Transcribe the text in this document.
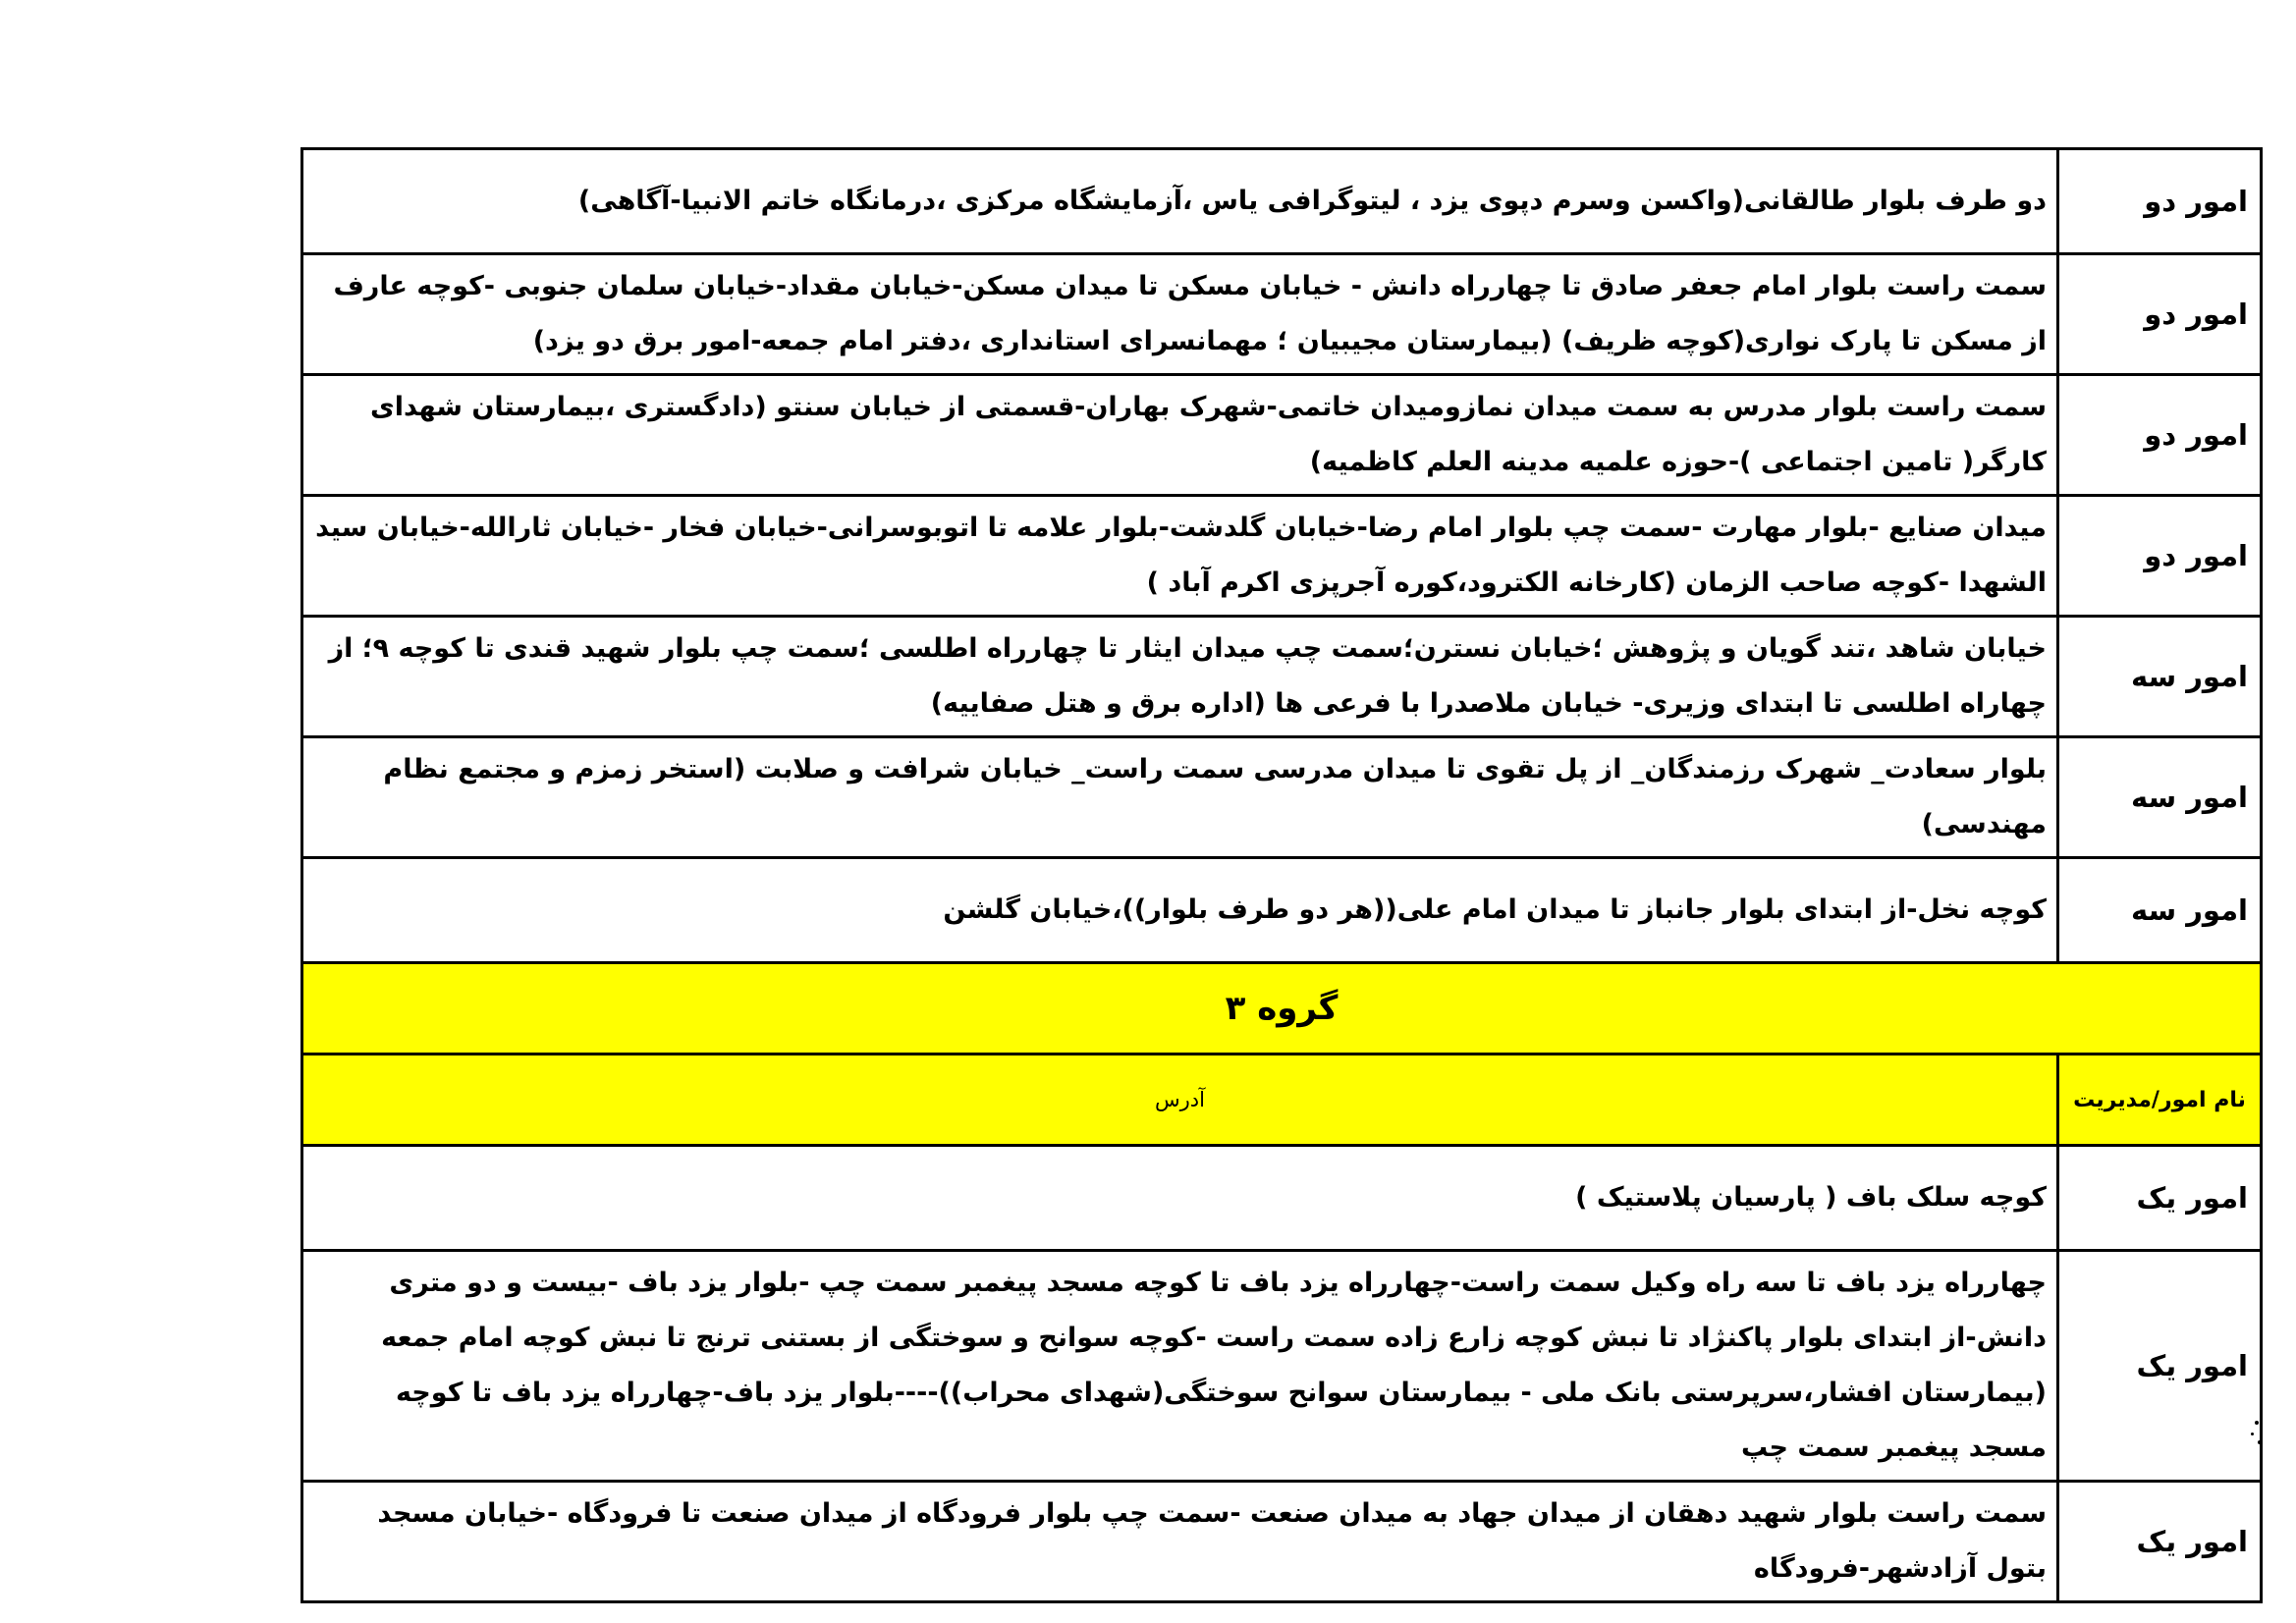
امور دو	دو طرف بلوار طالقانی(واکسن وسرم دپوی یزد ، لیتوگرافی یاس ،آزمایشگاه مرکزی ،درمانگاه خاتم الانبیا-آگاهی)
امور دو	سمت راست بلوار امام جعفر صادق تا چهارراه دانش - خیابان مسکن تا میدان مسکن-خیابان مقداد-خیابان سلمان جنوبی -کوچه عارف از مسکن تا پارک نواری(کوچه ظریف) (بیمارستان مجیبیان ؛ مهمانسرای استانداری ،دفتر امام جمعه-امور برق دو یزد)
امور دو	سمت راست بلوار مدرس به سمت میدان نمازومیدان خاتمی-شهرک بهاران-قسمتی از خیابان سنتو (دادگستری ،بیمارستان شهدای کارگر( تامین اجتماعی )-حوزه علمیه مدینه العلم کاظمیه)
امور دو	میدان صنایع -بلوار مهارت -سمت چپ بلوار امام رضا-خیابان گلدشت-بلوار علامه تا اتوبوسرانی-خیابان فخار -خیابان ثارالله-خیابان سید الشهدا -کوچه صاحب الزمان (کارخانه الکترود،کوره آجرپزی اکرم آباد )
امور سه	خیابان شاهد ،تند گویان و پژوهش ؛خیابان نسترن؛سمت چپ میدان ایثار تا چهارراه اطلسی ؛سمت چپ بلوار شهید قندی تا کوچه ۹؛ از چهاراه اطلسی تا ابتدای وزیری- خیابان ملاصدرا با فرعی ها (اداره برق و هتل صفاییه)
امور سه	بلوار سعادت_ شهرک رزمندگان_ از پل تقوی تا میدان مدرسی سمت راست_ خیابان شرافت و صلابت (استخر زمزم و مجتمع نظام مهندسی)
امور سه	کوچه نخل-از ابتدای بلوار جانباز تا میدان امام علی((هر دو طرف بلوار))،خیابان گلشن
گروه ۳	
نام امور/مدیریت	آدرس
امور یک	کوچه سلک باف ( پارسیان پلاستیک )
امور یک	چهارراه یزد باف تا سه راه وکیل سمت راست-چهارراه یزد باف تا کوچه مسجد پیغمبر سمت چپ -بلوار یزد باف -بیست و دو متری دانش-از ابتدای بلوار پاکنژاد تا نبش کوچه زارع زاده سمت راست -کوچه سوانح و سوختگی از بستنی ترنج تا نبش کوچه امام جمعه (بیمارستان افشار،سرپرستی بانک ملی - بیمارستان سوانح سوختگی(شهدای محراب))----بلوار یزد باف-چهارراه یزد باف تا کوچه مسجد پیغمبر سمت چپ
امور یک	سمت راست بلوار شهید دهقان از میدان جهاد به میدان صنعت -سمت چپ بلوار فرودگاه از میدان صنعت تا فرودگاه -خیابان مسجد بتول آزادشهر-فرودگاه
